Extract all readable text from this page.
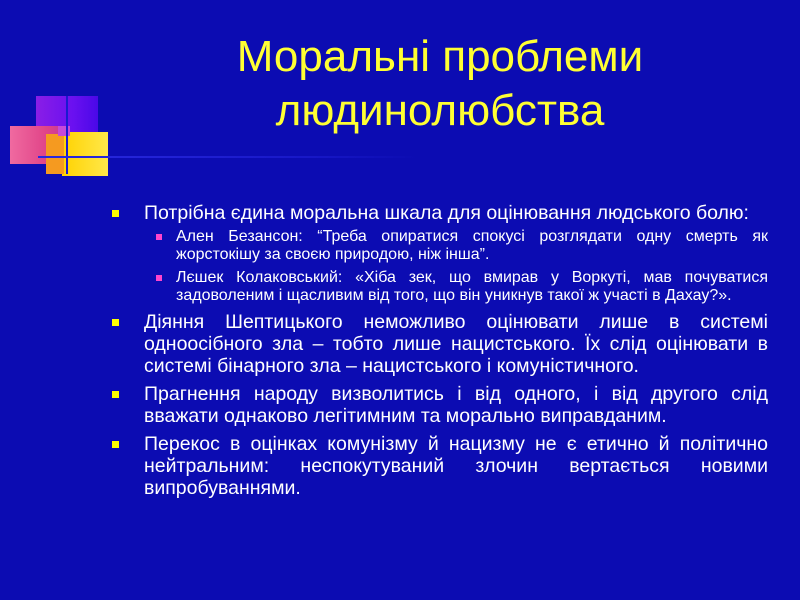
Моральні проблеми
людинолюбства
Потрібна єдина моральна шкала для оцінювання людського болю:
Ален Безансон: “Треба опиратися спокусі розглядати одну смерть як жорстокішу за своєю природою, ніж інша”.
Лєшек Колаковський: «Хіба зек, що вмирав у Воркуті, мав почуватися задоволеним і щасливим від того, що він уникнув такої ж участі в Дахау?».
Діяння Шептицького неможливо оцінювати лише в системі одноосібного зла – тобто лише нацистського. Їх слід оцінювати в системі бінарного зла – нацистського і комуністичного.
Прагнення народу визволитись і від одного, і від другого слід вважати однаково легітимним та морально виправданим.
Перекос в оцінках комунізму й нацизму не є етично й політично нейтральним: неспокутуваний злочин вертається новими випробуваннями.
